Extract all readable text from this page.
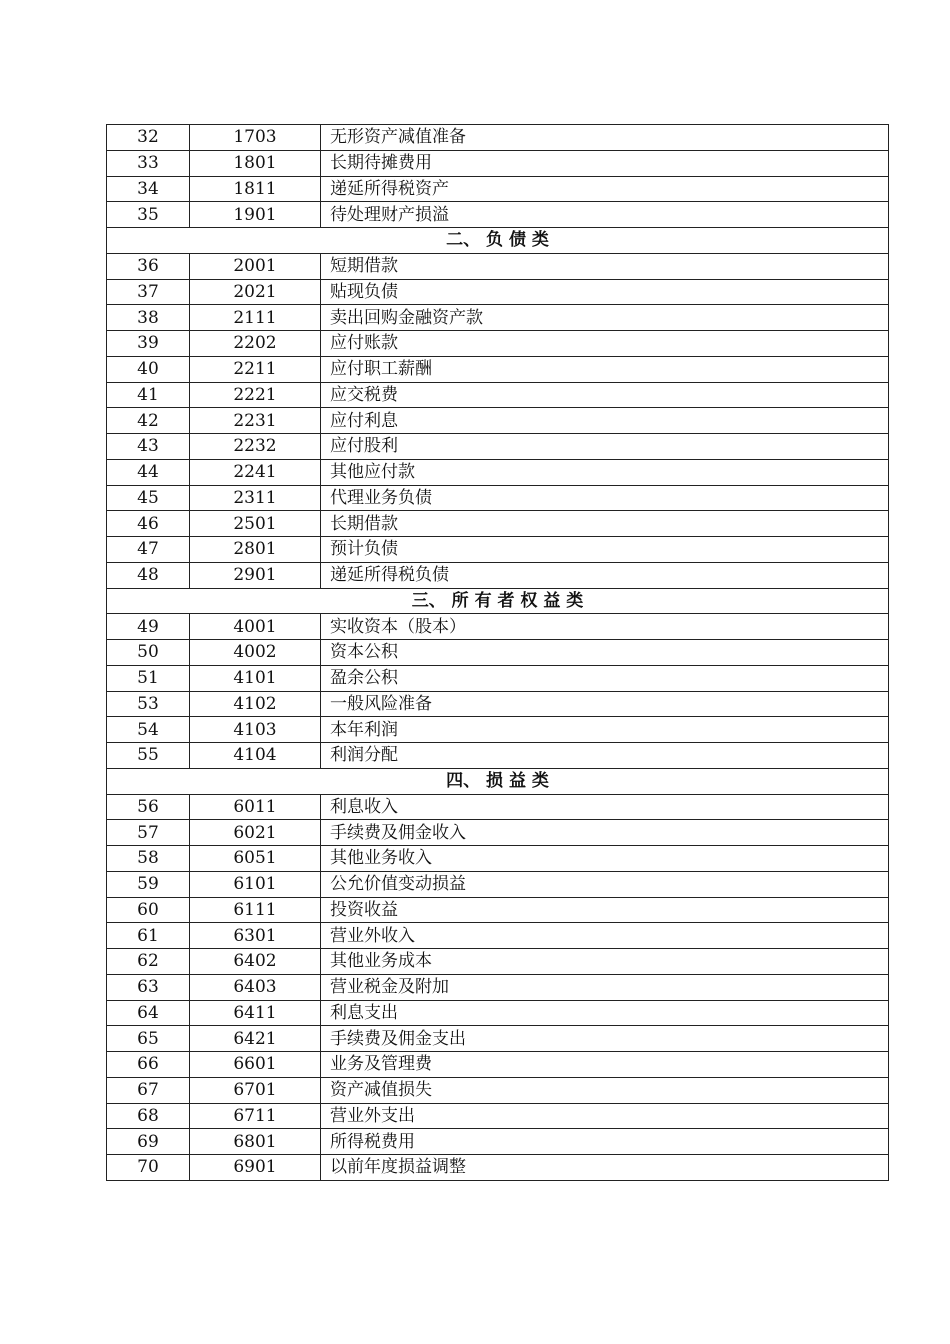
32	1703	无形资产减值准备
33	1801	长期待摊费用
34	1811	递延所得税资产
35	1901	待处理财产损溢
二、 负 债 类		
36	2001	短期借款
37	2021	贴现负债
38	2111	卖出回购金融资产款
39	2202	应付账款
40	2211	应付职工薪酬
41	2221	应交税费
42	2231	应付利息
43	2232	应付股利
44	2241	其他应付款
45	2311	代理业务负债
46	2501	长期借款
47	2801	预计负债
48	2901	递延所得税负债
三、 所 有 者 权 益 类		
49	4001	实收资本（股本）
50	4002	资本公积
51	4101	盈余公积
53	4102	一般风险准备
54	4103	本年利润
55	4104	利润分配
四、 损 益 类		
56	6011	利息收入
57	6021	手续费及佣金收入
58	6051	其他业务收入
59	6101	公允价值变动损益
60	6111	投资收益
61	6301	营业外收入
62	6402	其他业务成本
63	6403	营业税金及附加
64	6411	利息支出
65	6421	手续费及佣金支出
66	6601	业务及管理费
67	6701	资产减值损失
68	6711	营业外支出
69	6801	所得税费用
70	6901	以前年度损益调整
